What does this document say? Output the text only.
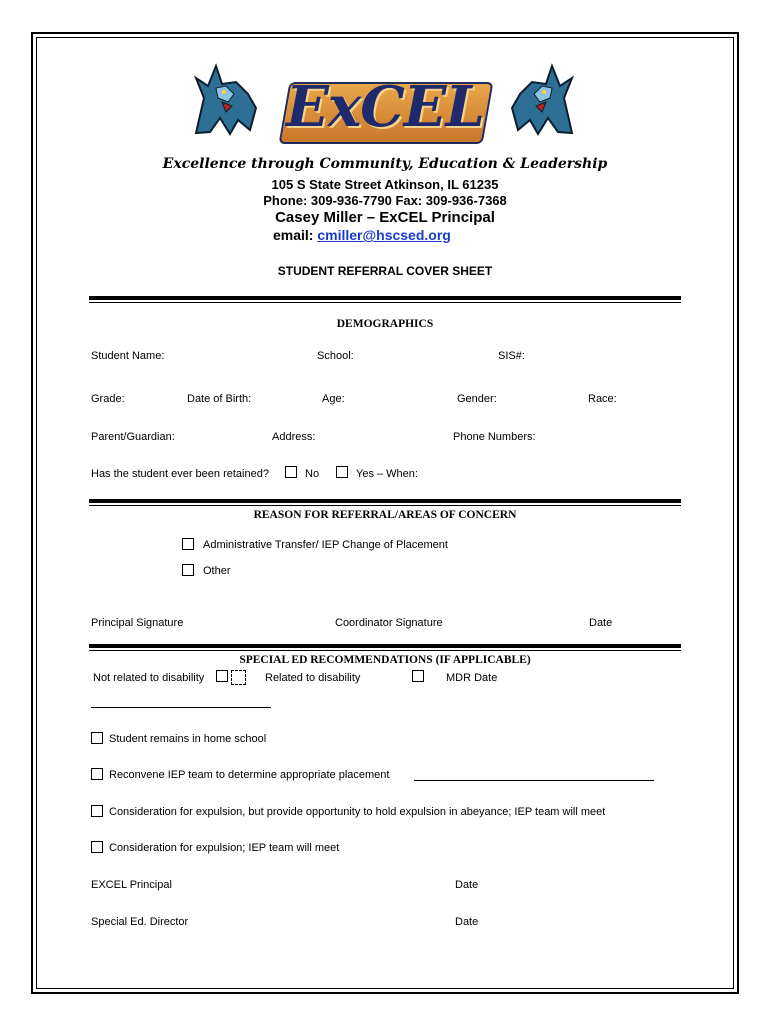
ExCEL
Excellence through Community, Education & Leadership
105 S State Street Atkinson, IL 61235
Phone: 309-936-7790 Fax: 309-936-7368
Casey Miller – ExCEL Principal
email: cmiller@hscsed.org
STUDENT REFERRAL COVER SHEET
DEMOGRAPHICS
Student Name:	School:	SIS#:
Grade:	Date of Birth:	Age:	Gender:	Race:
Parent/Guardian:	Address:	Phone Numbers:
Has the student ever been retained?	No	Yes – When:
REASON FOR REFERRAL/AREAS OF CONCERN
Administrative Transfer/ IEP Change of Placement
Other
Principal Signature	Coordinator Signature	Date
SPECIAL ED RECOMMENDATIONS (IF APPLICABLE)
Not related to disability	Related to disability	MDR Date
Student remains in home school
Reconvene IEP team to determine appropriate placement
Consideration for expulsion, but provide opportunity to hold expulsion in abeyance; IEP team will meet
Consideration for expulsion; IEP team will meet
EXCEL Principal	Date
Special Ed. Director	Date
